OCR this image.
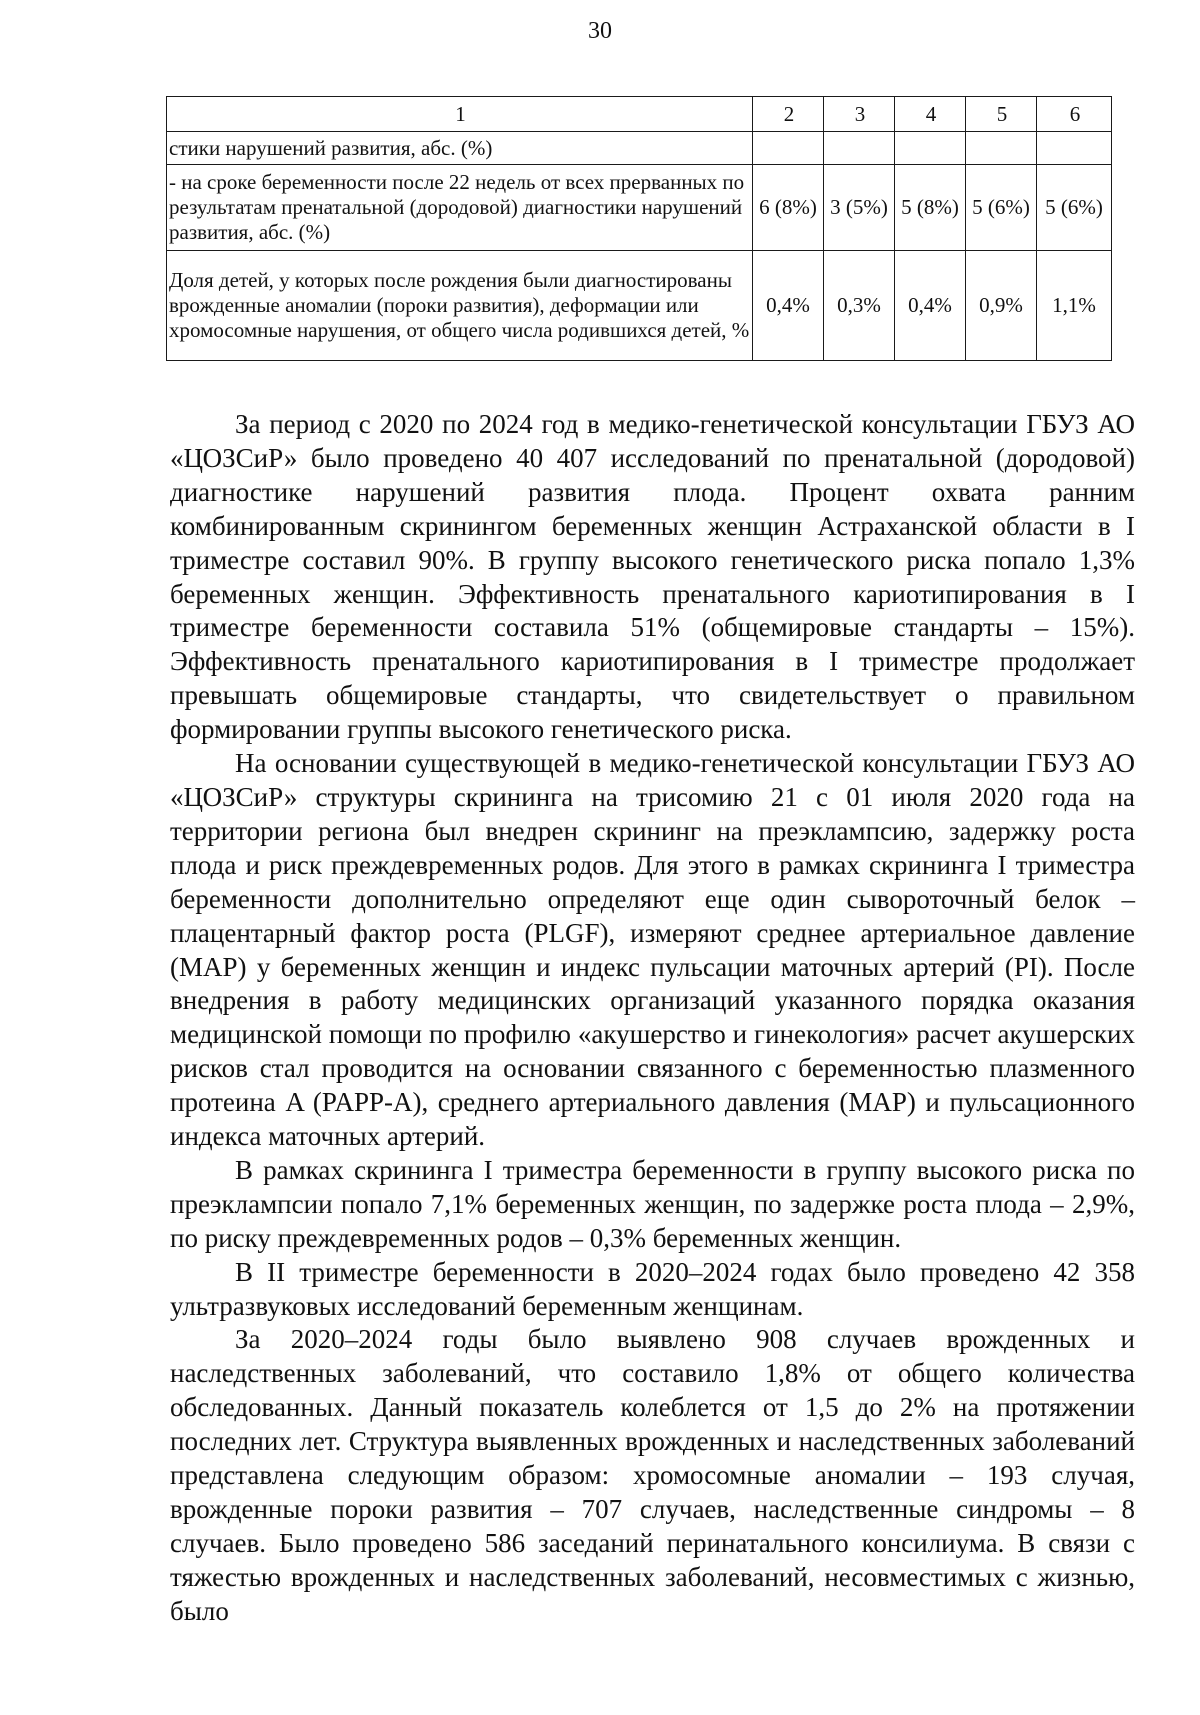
30
1	2	3	4	5	6
стики нарушений развития, абс. (%)					
- на сроке беременности после 22 недель от всех прерванных по результатам пренатальной (дородовой) диагностики нарушений развития, абс. (%)	6 (8%)	3 (5%)	5 (8%)	5 (6%)	5 (6%)
Доля детей, у которых после рождения были диагностированы врожденные аномалии (пороки развития), деформации или хромосомные нарушения, от общего числа родившихся детей, %	0,4%	0,3%	0,4%	0,9%	1,1%

За период с 2020 по 2024 год в медико-генетической консультации ГБУЗ АО «ЦОЗСиР» было проведено 40 407 исследований по пренатальной (дородовой) диагностике нарушений развития плода. Процент охвата ранним комбинированным скринингом беременных женщин Астраханской области в I триместре составил 90%. В группу высокого генетического риска попало 1,3% беременных женщин. Эффективность пренатального кариотипирования в I триместре беременности составила 51% (общемировые стандарты – 15%). Эффективность пренатального кариотипирования в I триместре продолжает превышать общемировые стандарты, что свидетельствует о правильном формировании группы высокого генетического риска.

На основании существующей в медико-генетической консультации ГБУЗ АО «ЦОЗСиР» структуры скрининга на трисомию 21 с 01 июля 2020 года на территории региона был внедрен скрининг на преэклампсию, задержку роста плода и риск преждевременных родов. Для этого в рамках скрининга I триместра беременности дополнительно определяют еще один сывороточный белок – плацентарный фактор роста (PLGF), измеряют среднее артериальное давление (MAP) у беременных женщин и индекс пульсации маточных артерий (PI). После внедрения в работу медицинских организаций указанного порядка оказания медицинской помощи по профилю «акушерство и гинекология» расчет акушерских рисков стал проводится на основании связанного с беременностью плазменного протеина A (PAPP-A), среднего артериального давления (MAP) и пульсационного индекса маточных артерий.

В рамках скрининга I триместра беременности в группу высокого риска по преэклампсии попало 7,1% беременных женщин, по задержке роста плода – 2,9%, по риску преждевременных родов – 0,3% беременных женщин.

В II триместре беременности в 2020–2024 годах было проведено 42 358 ультразвуковых исследований беременным женщинам.

За 2020–2024 годы было выявлено 908 случаев врожденных и наследственных заболеваний, что составило 1,8% от общего количества обследованных. Данный показатель колеблется от 1,5 до 2% на протяжении последних лет. Структура выявленных врожденных и наследственных заболеваний представлена следующим образом: хромосомные аномалии – 193 случая, врожденные пороки развития – 707 случаев, наследственные синдромы – 8 случаев. Было проведено 586 заседаний перинатального консилиума. В связи с тяжестью врожденных и наследственных заболеваний, несовместимых с жизнью, было
